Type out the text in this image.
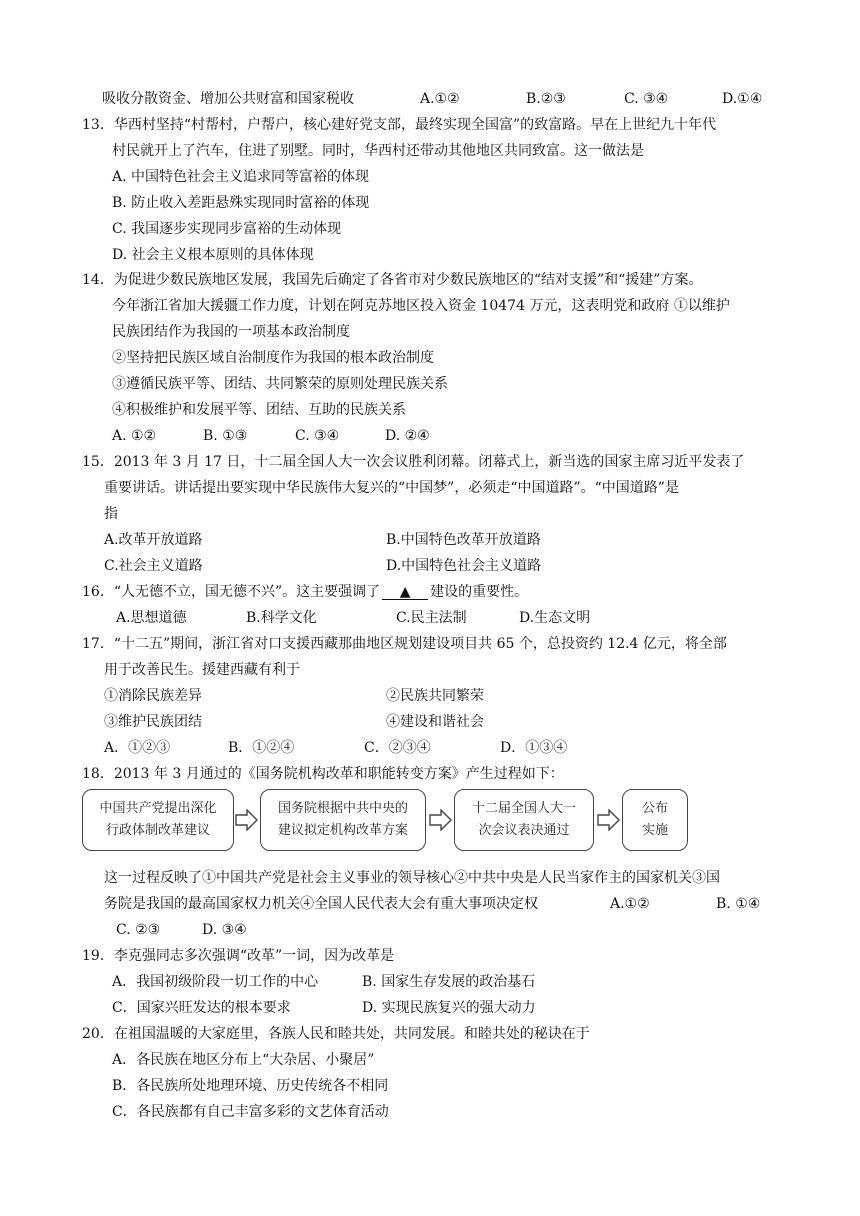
吸收分散资金、增加公共财富和国家税收	A.①②	B.②③	C. ③④	D.①④
13．华西村坚持“村帮村，户帮户，核心建好党支部，最终实现全国富”的致富路。早在上世纪九十年代
村民就开上了汽车，住进了别墅。同时，华西村还带动其他地区共同致富。这一做法是
A. 中国特色社会主义追求同等富裕的体现
B. 防止收入差距悬殊实现同时富裕的体现
C. 我国逐步实现同步富裕的生动体现
D. 社会主义根本原则的具体体现
14．为促进少数民族地区发展，我国先后确定了各省市对少数民族地区的“结对支援”和“援建”方案。
今年浙江省加大援疆工作力度，计划在阿克苏地区投入资金 10474 万元，这表明党和政府 ①以维护
民族团结作为我国的一项基本政治制度
②坚持把民族区域自治制度作为我国的根本政治制度
③遵循民族平等、团结、共同繁荣的原则处理民族关系
④积极维护和发展平等、团结、互助的民族关系
A. ①②	B. ①③	C. ③④	D. ②④
15．2013 年 3 月 17 日，十二届全国人大一次会议胜利闭幕。闭幕式上，新当选的国家主席习近平发表了
重要讲话。讲话提出要实现中华民族伟大复兴的“中国梦”，必须走“中国道路”。“中国道路”是
指
A.改革开放道路	B.中国特色改革开放道路
C.社会主义道路	D.中国特色社会主义道路
16．“人无德不立，国无德不兴”。这主要强调了 ▲ 建设的重要性。
A.思想道德	B.科学文化	C.民主法制	D.生态文明
17．“十二五”期间，浙江省对口支援西藏那曲地区规划建设项目共 65 个，总投资约 12.4 亿元，将全部
用于改善民生。援建西藏有利于
①消除民族差异	②民族共同繁荣
③维护民族团结	④建设和谐社会
A．①②③	B．①②④	C．②③④	D．①③④
18．2013 年 3 月通过的《国务院机构改革和职能转变方案》产生过程如下：
中国共产党提出深化
行政体制改革建议
国务院根据中共中央的
建议拟定机构改革方案
十二届全国人大一
次会议表决通过
公布
实施
这一过程反映了①中国共产党是社会主义事业的领导核心②中共中央是人民当家作主的国家机关③国
务院是我国的最高国家权力机关④全国人民代表大会有重大事项决定权	A.①②	B. ①④
C. ②③	D. ③④
19．李克强同志多次强调“改革”一词，因为改革是
A．我国初级阶段一切工作的中心	B. 国家生存发展的政治基石
C．国家兴旺发达的根本要求	D. 实现民族复兴的强大动力
20．在祖国温暖的大家庭里，各族人民和睦共处，共同发展。和睦共处的秘诀在于
A．各民族在地区分布上“大杂居、小聚居”
B．各民族所处地理环境、历史传统各不相同
C．各民族都有自己丰富多彩的文艺体育活动
